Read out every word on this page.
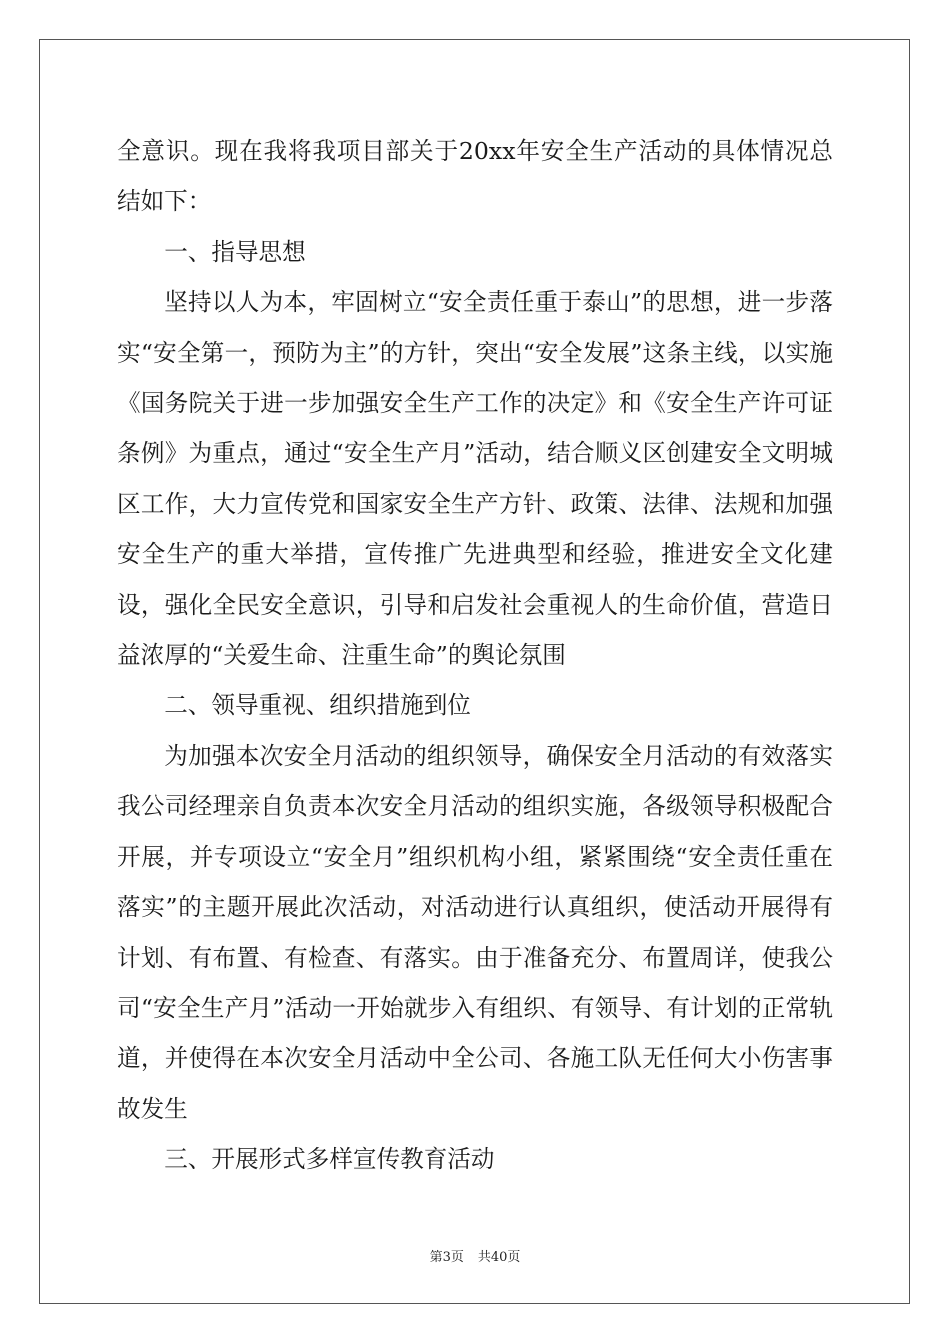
全意识。现在我将我项目部关于20xx年安全生产活动的具体情况总结如下：

一、指导思想

坚持以人为本，牢固树立“安全责任重于泰山”的思想，进一步落实“安全第一，预防为主”的方针，突出“安全发展”这条主线，以实施《国务院关于进一步加强安全生产工作的决定》和《安全生产许可证条例》为重点，通过“安全生产月”活动，结合顺义区创建安全文明城区工作，大力宣传党和国家安全生产方针、政策、法律、法规和加强安全生产的重大举措，宣传推广先进典型和经验，推进安全文化建设，强化全民安全意识，引导和启发社会重视人的生命价值，营造日益浓厚的“关爱生命、注重生命”的舆论氛围

二、领导重视、组织措施到位

为加强本次安全月活动的组织领导，确保安全月活动的有效落实我公司经理亲自负责本次安全月活动的组织实施，各级领导积极配合开展，并专项设立“安全月”组织机构小组，紧紧围绕“安全责任重在落实”的主题开展此次活动，对活动进行认真组织，使活动开展得有计划、有布置、有检查、有落实。由于准备充分、布置周详，使我公司“安全生产月”活动一开始就步入有组织、有领导、有计划的正常轨道，并使得在本次安全月活动中全公司、各施工队无任何大小伤害事故发生

三、开展形式多样宣传教育活动

第3页 共40页
